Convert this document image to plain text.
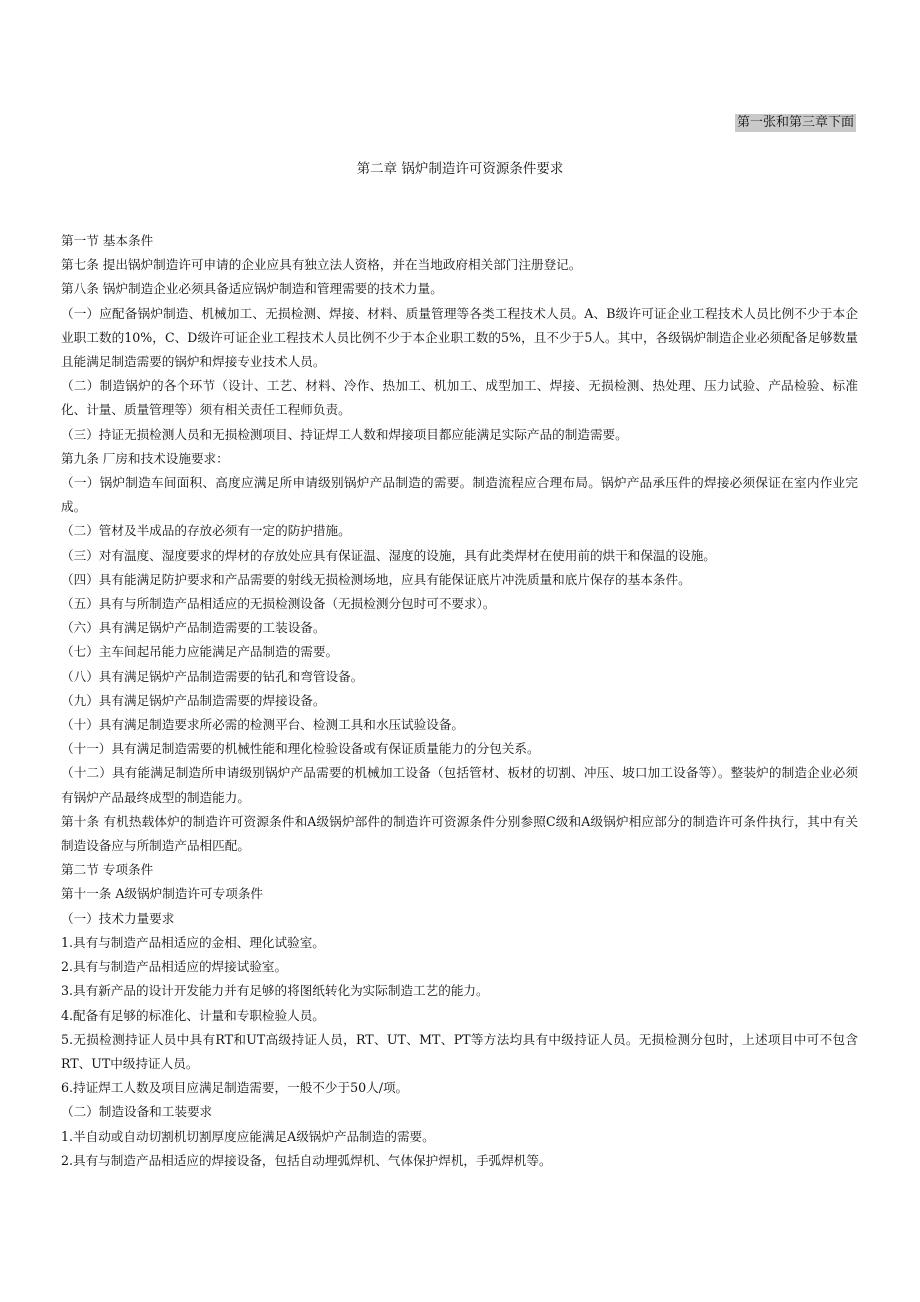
第一张和第三章下面
第二章 锅炉制造许可资源条件要求

第一节 基本条件

第七条 提出锅炉制造许可申请的企业应具有独立法人资格，并在当地政府相关部门注册登记。

第八条 锅炉制造企业必须具备适应锅炉制造和管理需要的技术力量。

（一）应配备锅炉制造、机械加工、无损检测、焊接、材料、质量管理等各类工程技术人员。A、B级许可证企业工程技术人员比例不少于本企业职工数的10%，C、D级许可证企业工程技术人员比例不少于本企业职工数的5%，且不少于5人。其中，各级锅炉制造企业必须配备足够数量且能满足制造需要的锅炉和焊接专业技术人员。

（二）制造锅炉的各个环节（设计、工艺、材料、冷作、热加工、机加工、成型加工、焊接、无损检测、热处理、压力试验、产品检验、标准化、计量、质量管理等）须有相关责任工程师负责。

（三）持证无损检测人员和无损检测项目、持证焊工人数和焊接项目都应能满足实际产品的制造需要。

第九条 厂房和技术设施要求：

（一）锅炉制造车间面积、高度应满足所申请级别锅炉产品制造的需要。制造流程应合理布局。锅炉产品承压件的焊接必须保证在室内作业完成。

（二）管材及半成品的存放必须有一定的防护措施。

（三）对有温度、湿度要求的焊材的存放处应具有保证温、湿度的设施，具有此类焊材在使用前的烘干和保温的设施。

（四）具有能满足防护要求和产品需要的射线无损检测场地，应具有能保证底片冲洗质量和底片保存的基本条件。

（五）具有与所制造产品相适应的无损检测设备（无损检测分包时可不要求）。

（六）具有满足锅炉产品制造需要的工装设备。

（七）主车间起吊能力应能满足产品制造的需要。

（八）具有满足锅炉产品制造需要的钻孔和弯管设备。

（九）具有满足锅炉产品制造需要的焊接设备。

（十）具有满足制造要求所必需的检测平台、检测工具和水压试验设备。

（十一）具有满足制造需要的机械性能和理化检验设备或有保证质量能力的分包关系。

（十二）具有能满足制造所申请级别锅炉产品需要的机械加工设备（包括管材、板材的切割、冲压、坡口加工设备等）。整装炉的制造企业必须有锅炉产品最终成型的制造能力。

第十条 有机热载体炉的制造许可资源条件和A级锅炉部件的制造许可资源条件分别参照C级和A级锅炉相应部分的制造许可条件执行，其中有关制造设备应与所制造产品相匹配。

第二节 专项条件

第十一条 A级锅炉制造许可专项条件

（一）技术力量要求

1.具有与制造产品相适应的金相、理化试验室。

2.具有与制造产品相适应的焊接试验室。

3.具有新产品的设计开发能力并有足够的将图纸转化为实际制造工艺的能力。

4.配备有足够的标准化、计量和专职检验人员。

5.无损检测持证人员中具有RT和UT高级持证人员，RT、UT、MT、PT等方法均具有中级持证人员。无损检测分包时，上述项目中可不包含RT、UT中级持证人员。

6.持证焊工人数及项目应满足制造需要，一般不少于50人/项。

（二）制造设备和工装要求

1.半自动或自动切割机切割厚度应能满足A级锅炉产品制造的需要。

2.具有与制造产品相适应的焊接设备，包括自动埋弧焊机、气体保护焊机，手弧焊机等。
